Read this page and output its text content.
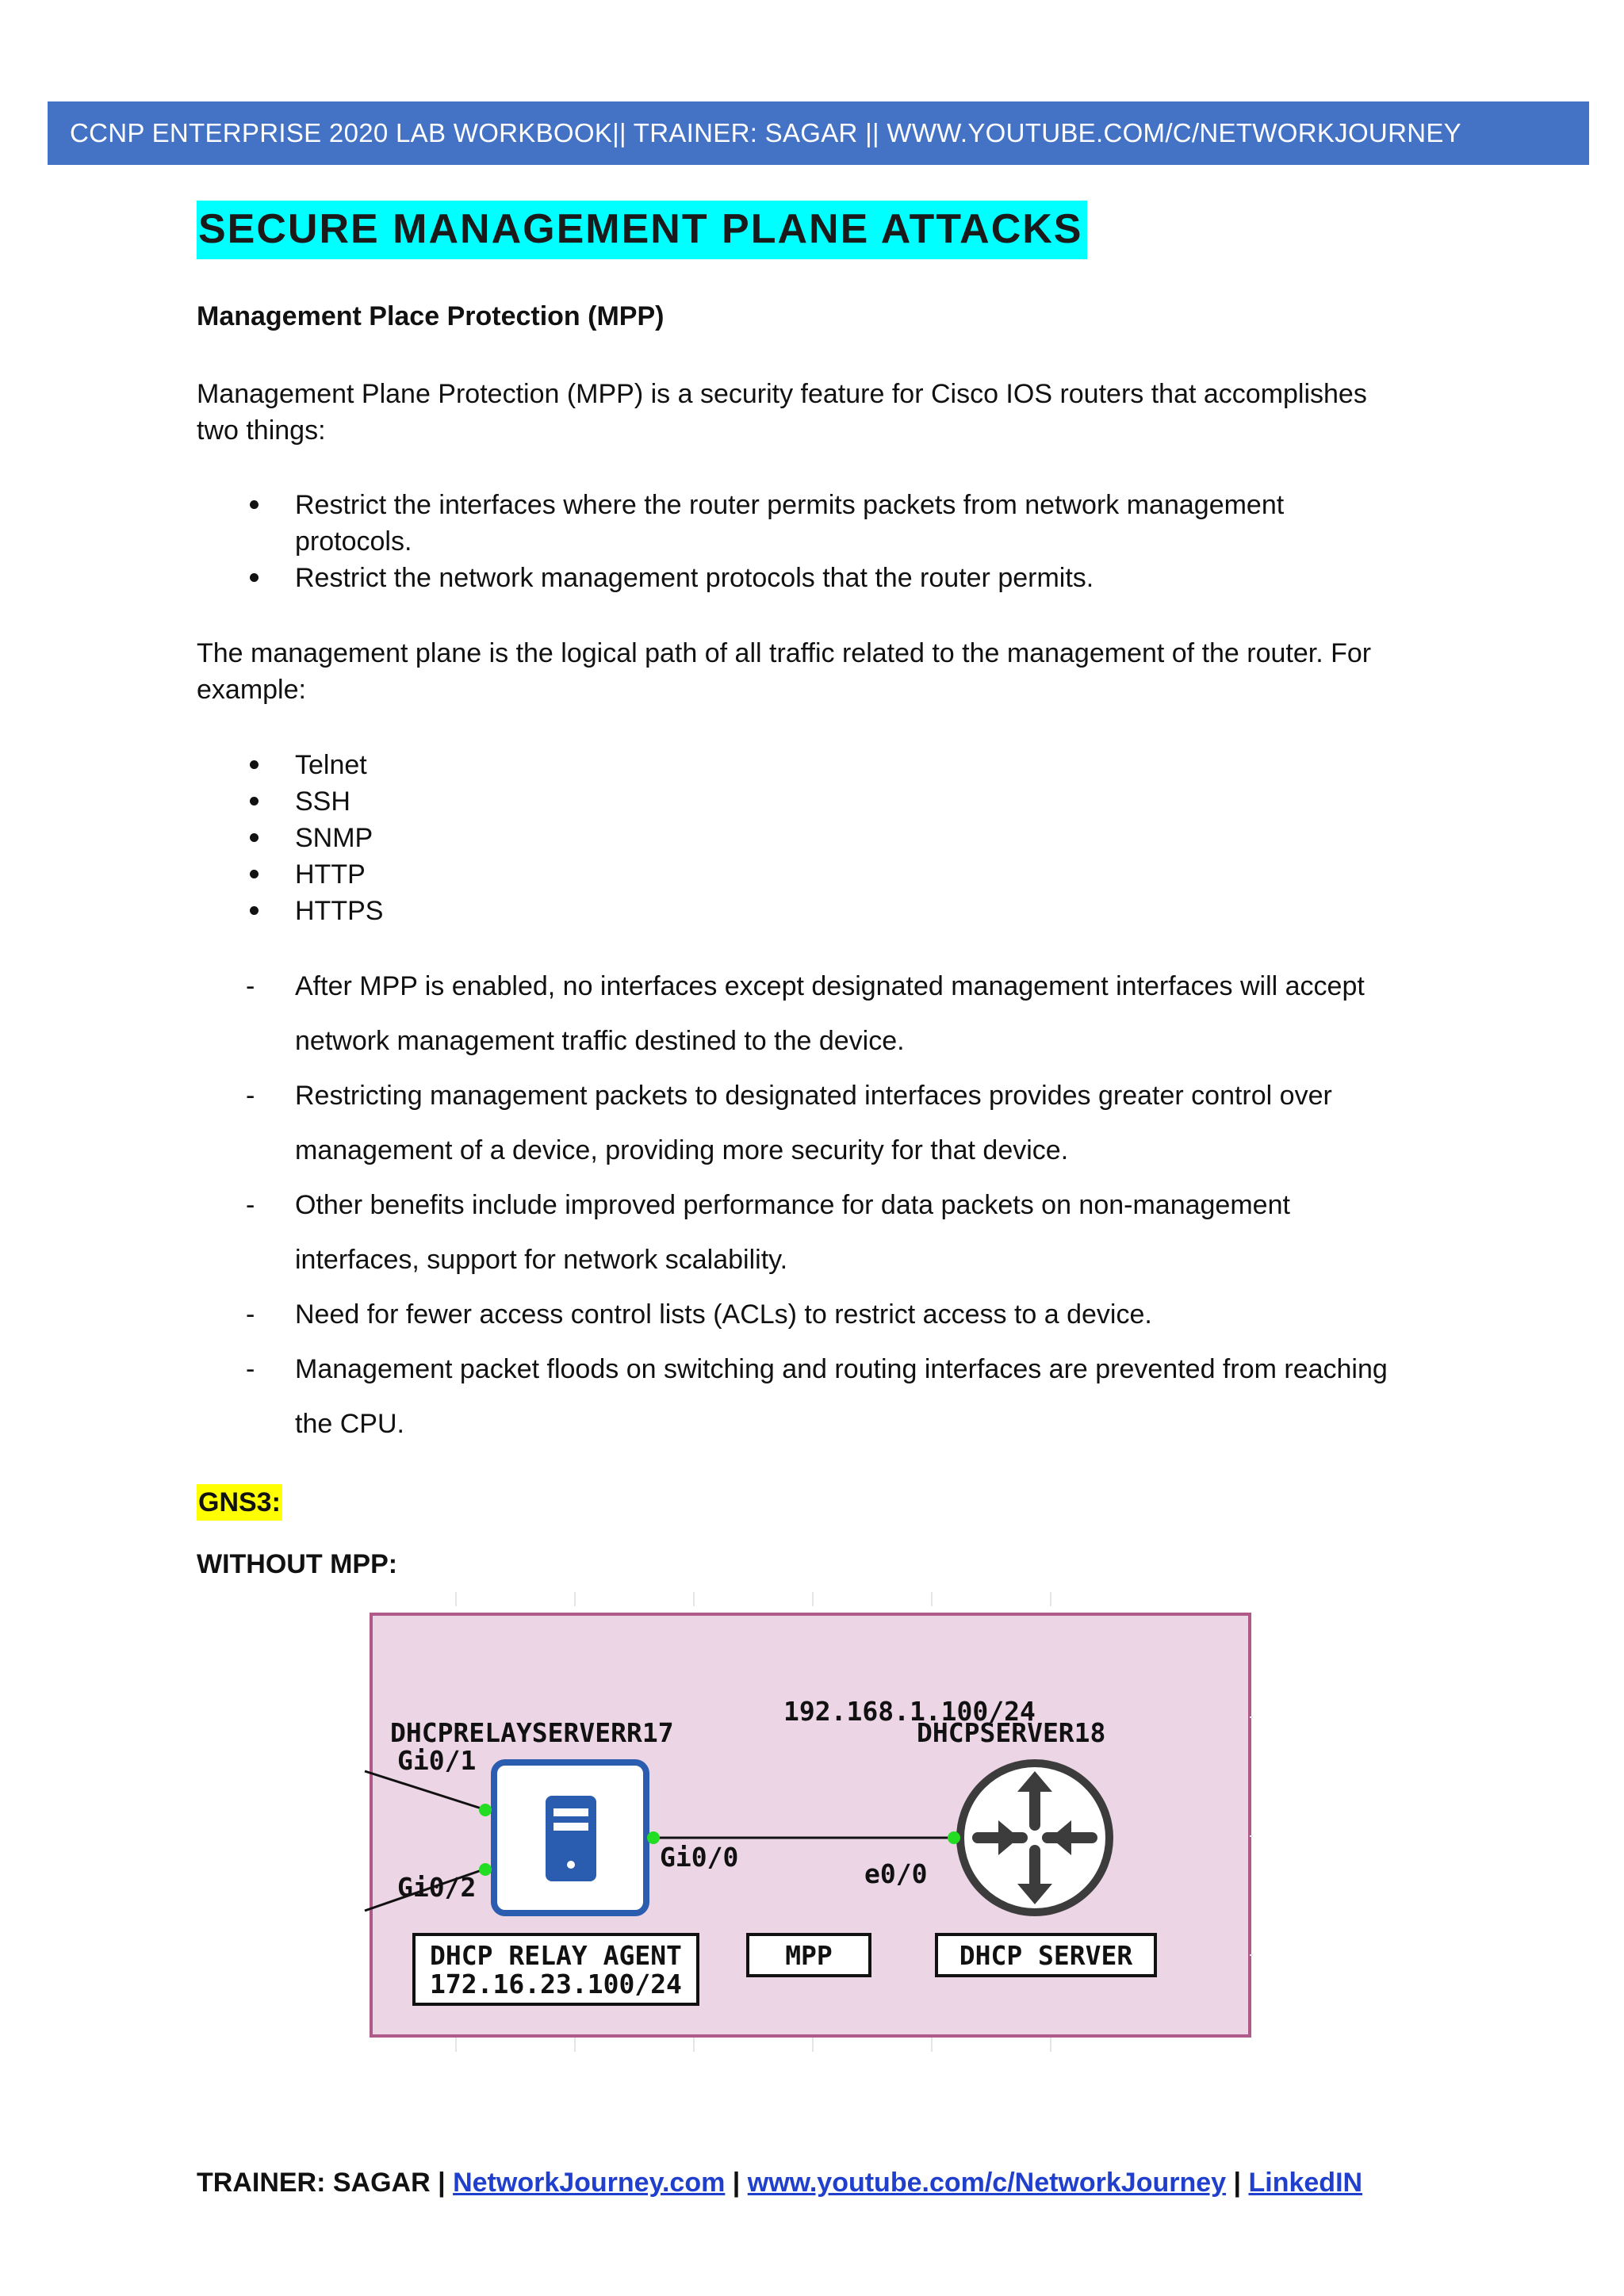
CCNP ENTERPRISE 2020 LAB WORKBOOK|| TRAINER: SAGAR || WWW.YOUTUBE.COM/C/NETWORKJOURNEY
SECURE MANAGEMENT PLANE ATTACKS
Management Place Protection (MPP)
Management Plane Protection (MPP) is a security feature for Cisco IOS routers that accomplishes
two things:
Restrict the interfaces where the router permits packets from network management
protocols.
Restrict the network management protocols that the router permits.
The management plane is the logical path of all traffic related to the management of the router. For
example:
Telnet
SSH
SNMP
HTTP
HTTPS
- After MPP is enabled, no interfaces except designated management interfaces will accept
network management traffic destined to the device.
- Restricting management packets to designated interfaces provides greater control over
management of a device, providing more security for that device.
- Other benefits include improved performance for data packets on non-management
interfaces, support for network scalability.
- Need for fewer access control lists (ACLs) to restrict access to a device.
- Management packet floods on switching and routing interfaces are prevented from reaching
the CPU.
GNS3:
WITHOUT MPP:
DHCPRELAYSERVERR17
Gi0/1
Gi0/2
Gi0/0
192.168.1.100/24
DHCPSERVER18
e0/0
DHCP RELAY AGENT
172.16.23.100/24
MPP	DHCP SERVER
TRAINER: SAGAR | NetworkJourney.com | www.youtube.com/c/NetworkJourney | LinkedIN
